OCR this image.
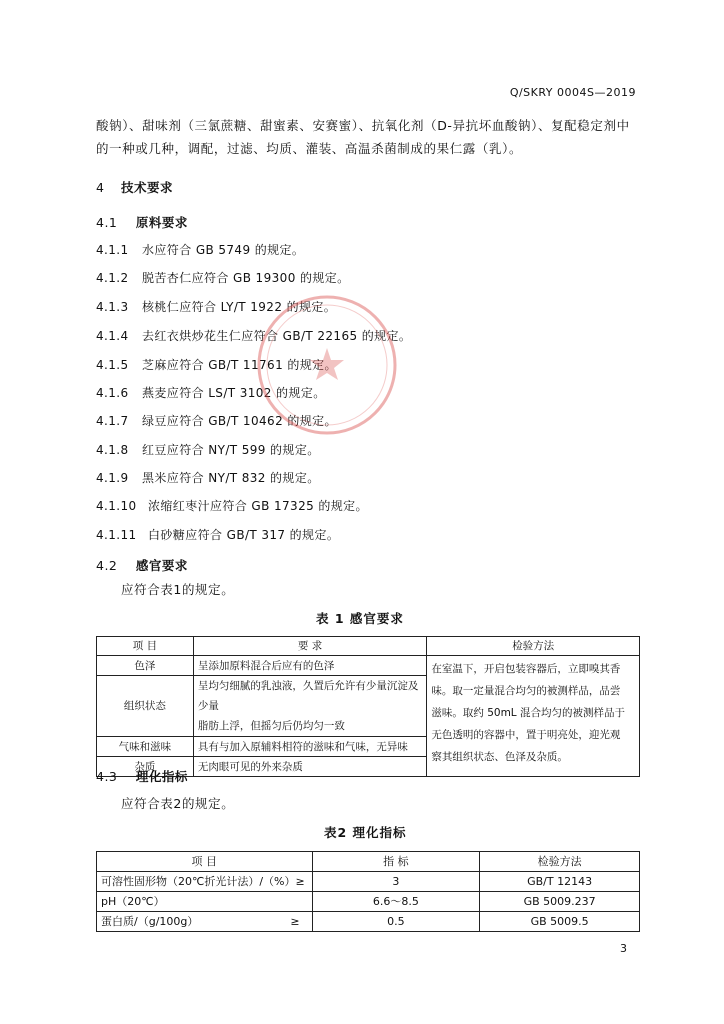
Q/SKRY 0004S—2019
酸钠）、甜味剂（三氯蔗糖、甜蜜素、安赛蜜）、抗氧化剂（D-异抗坏血酸钠）、复配稳定剂中
的一种或几种，调配，过滤、均质、灌装、高温杀菌制成的果仁露（乳）。
4 技术要求
4.1 原料要求
4.1.1 水应符合 GB 5749 的规定。
4.1.2 脱苦杏仁应符合 GB 19300 的规定。
4.1.3 核桃仁应符合 LY/T 1922 的规定。
4.1.4 去红衣烘炒花生仁应符合 GB/T 22165 的规定。
4.1.5 芝麻应符合 GB/T 11761 的规定。
4.1.6 燕麦应符合 LS/T 3102 的规定。
4.1.7 绿豆应符合 GB/T 10462 的规定。
4.1.8 红豆应符合 NY/T 599 的规定。
4.1.9 黑米应符合 NY/T 832 的规定。
4.1.10 浓缩红枣汁应符合 GB 17325 的规定。
4.1.11 白砂糖应符合 GB/T 317 的规定。
4.2 感官要求
应符合表1的规定。
表 1 感官要求
项 目	要 求	检验方法
色泽	呈添加原料混合后应有的色泽	在室温下，开启包装容器后，立即嗅其香
味。取一定量混合均匀的被测样品，品尝
滋味。取约 50mL 混合均匀的被测样品于
无色透明的容器中，置于明亮处，迎光观
察其组织状态、色泽及杂质。

组织状态	呈均匀细腻的乳浊液，久置后允许有少量沉淀及少量
脂肪上浮，但摇匀后仍均匀一致	

气味和滋味	具有与加入原辅料相符的滋味和气味，无异味	
杂质	无肉眼可见的外来杂质	
4.3 理化指标
应符合表2的规定。
表2 理化指标
项 目	指 标	检验方法
可溶性固形物（20℃折光计法）/（%）≥	3	GB/T 12143
pH（20℃）	6.6～8.5	GB 5009.237
蛋白质/（g/100g） ≥	0.5	GB 5009.5
3
